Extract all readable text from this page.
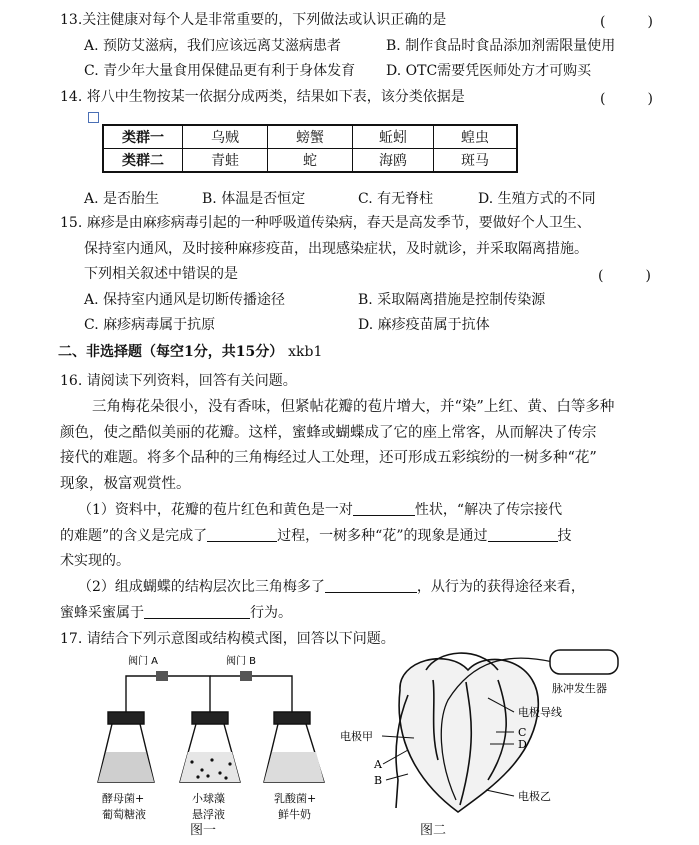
13.关注健康对每个人是非常重要的，下列做法或认识正确的是	(　　　)
A. 预防艾滋病，我们应该远离艾滋病患者	B. 制作食品时食品添加剂需限量使用
C. 青少年大量食用保健品更有利于身体发育 D. OTC需要凭医师处方才可购买
14. 将八中生物按某一依据分成两类，结果如下表，该分类依据是	(　　　)
类群一	乌贼	螃蟹	蚯蚓	蝗虫
类群二	青蛙	蛇	海鸥	斑马
A. 是否胎生	B. 体温是否恒定	C. 有无脊柱	D. 生殖方式的不同
15. 麻疹是由麻疹病毒引起的一种呼吸道传染病，春天是高发季节，要做好个人卫生、
保持室内通风，及时接种麻疹疫苗，出现感染症状，及时就诊，并采取隔离措施。
下列相关叙述中错误的是	(　　　)
A. 保持室内通风是切断传播途径	B. 采取隔离措施是控制传染源
C. 麻疹病毒属于抗原	D. 麻疹疫苗属于抗体
二、非选择题（每空1分，共15分） xkb1
16. 请阅读下列资料，回答有关问题。
三角梅花朵很小，没有香味，但紧帖花瓣的苞片增大，并“染”上红、黄、白等多种
颜色，使之酷似美丽的花瓣。这样，蜜蜂或蝴蝶成了它的座上常客，从而解决了传宗
接代的难题。将多个品种的三角梅经过人工处理，还可形成五彩缤纷的一树多种“花”
现象，极富观赏性。
（1）资料中，花瓣的苞片红色和黄色是一对	性状，“解决了传宗接代
的难题”的含义是完成了	过程，一树多种“花”的现象是通过	技
术实现的。
（2）组成蝴蝶的结构层次比三角梅多了	，从行为的获得途径来看，
蜜蜂采蜜属于	行为。
17. 请结合下列示意图或结构模式图，回答以下问题。
阀门 A	阀门 B
酵母菌+
葡萄糖液
小球藻
悬浮液
乳酸菌+
鲜牛奶
图一
脉冲发生器
电极导线
C
D
电极乙
电极甲
A
B
图二
